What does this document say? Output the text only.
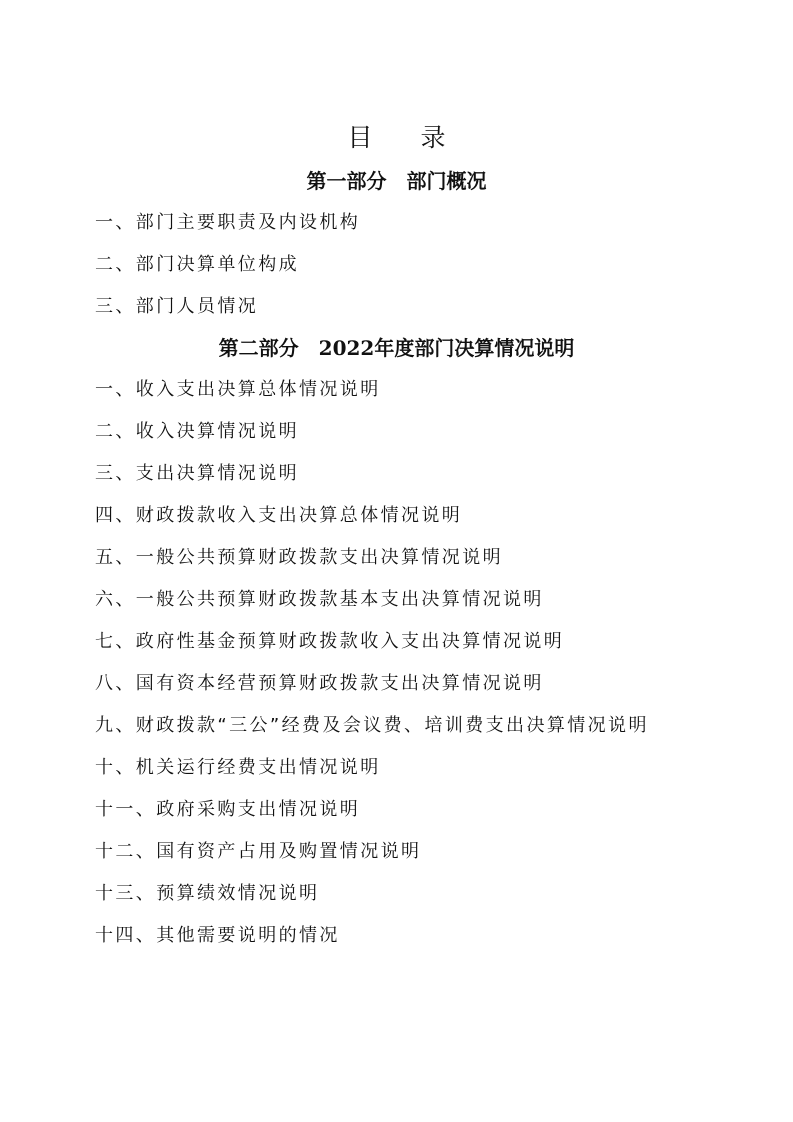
目 录
第一部分　部门概况
一、部门主要职责及内设机构
二、部门决算单位构成
三、部门人员情况
第二部分　2022年度部门决算情况说明
一、收入支出决算总体情况说明
二、收入决算情况说明
三、支出决算情况说明
四、财政拨款收入支出决算总体情况说明
五、一般公共预算财政拨款支出决算情况说明
六、一般公共预算财政拨款基本支出决算情况说明
七、政府性基金预算财政拨款收入支出决算情况说明
八、国有资本经营预算财政拨款支出决算情况说明
九、财政拨款“三公”经费及会议费、培训费支出决算情况说明
十、机关运行经费支出情况说明
十一、政府采购支出情况说明
十二、国有资产占用及购置情况说明
十三、预算绩效情况说明
十四、其他需要说明的情况
